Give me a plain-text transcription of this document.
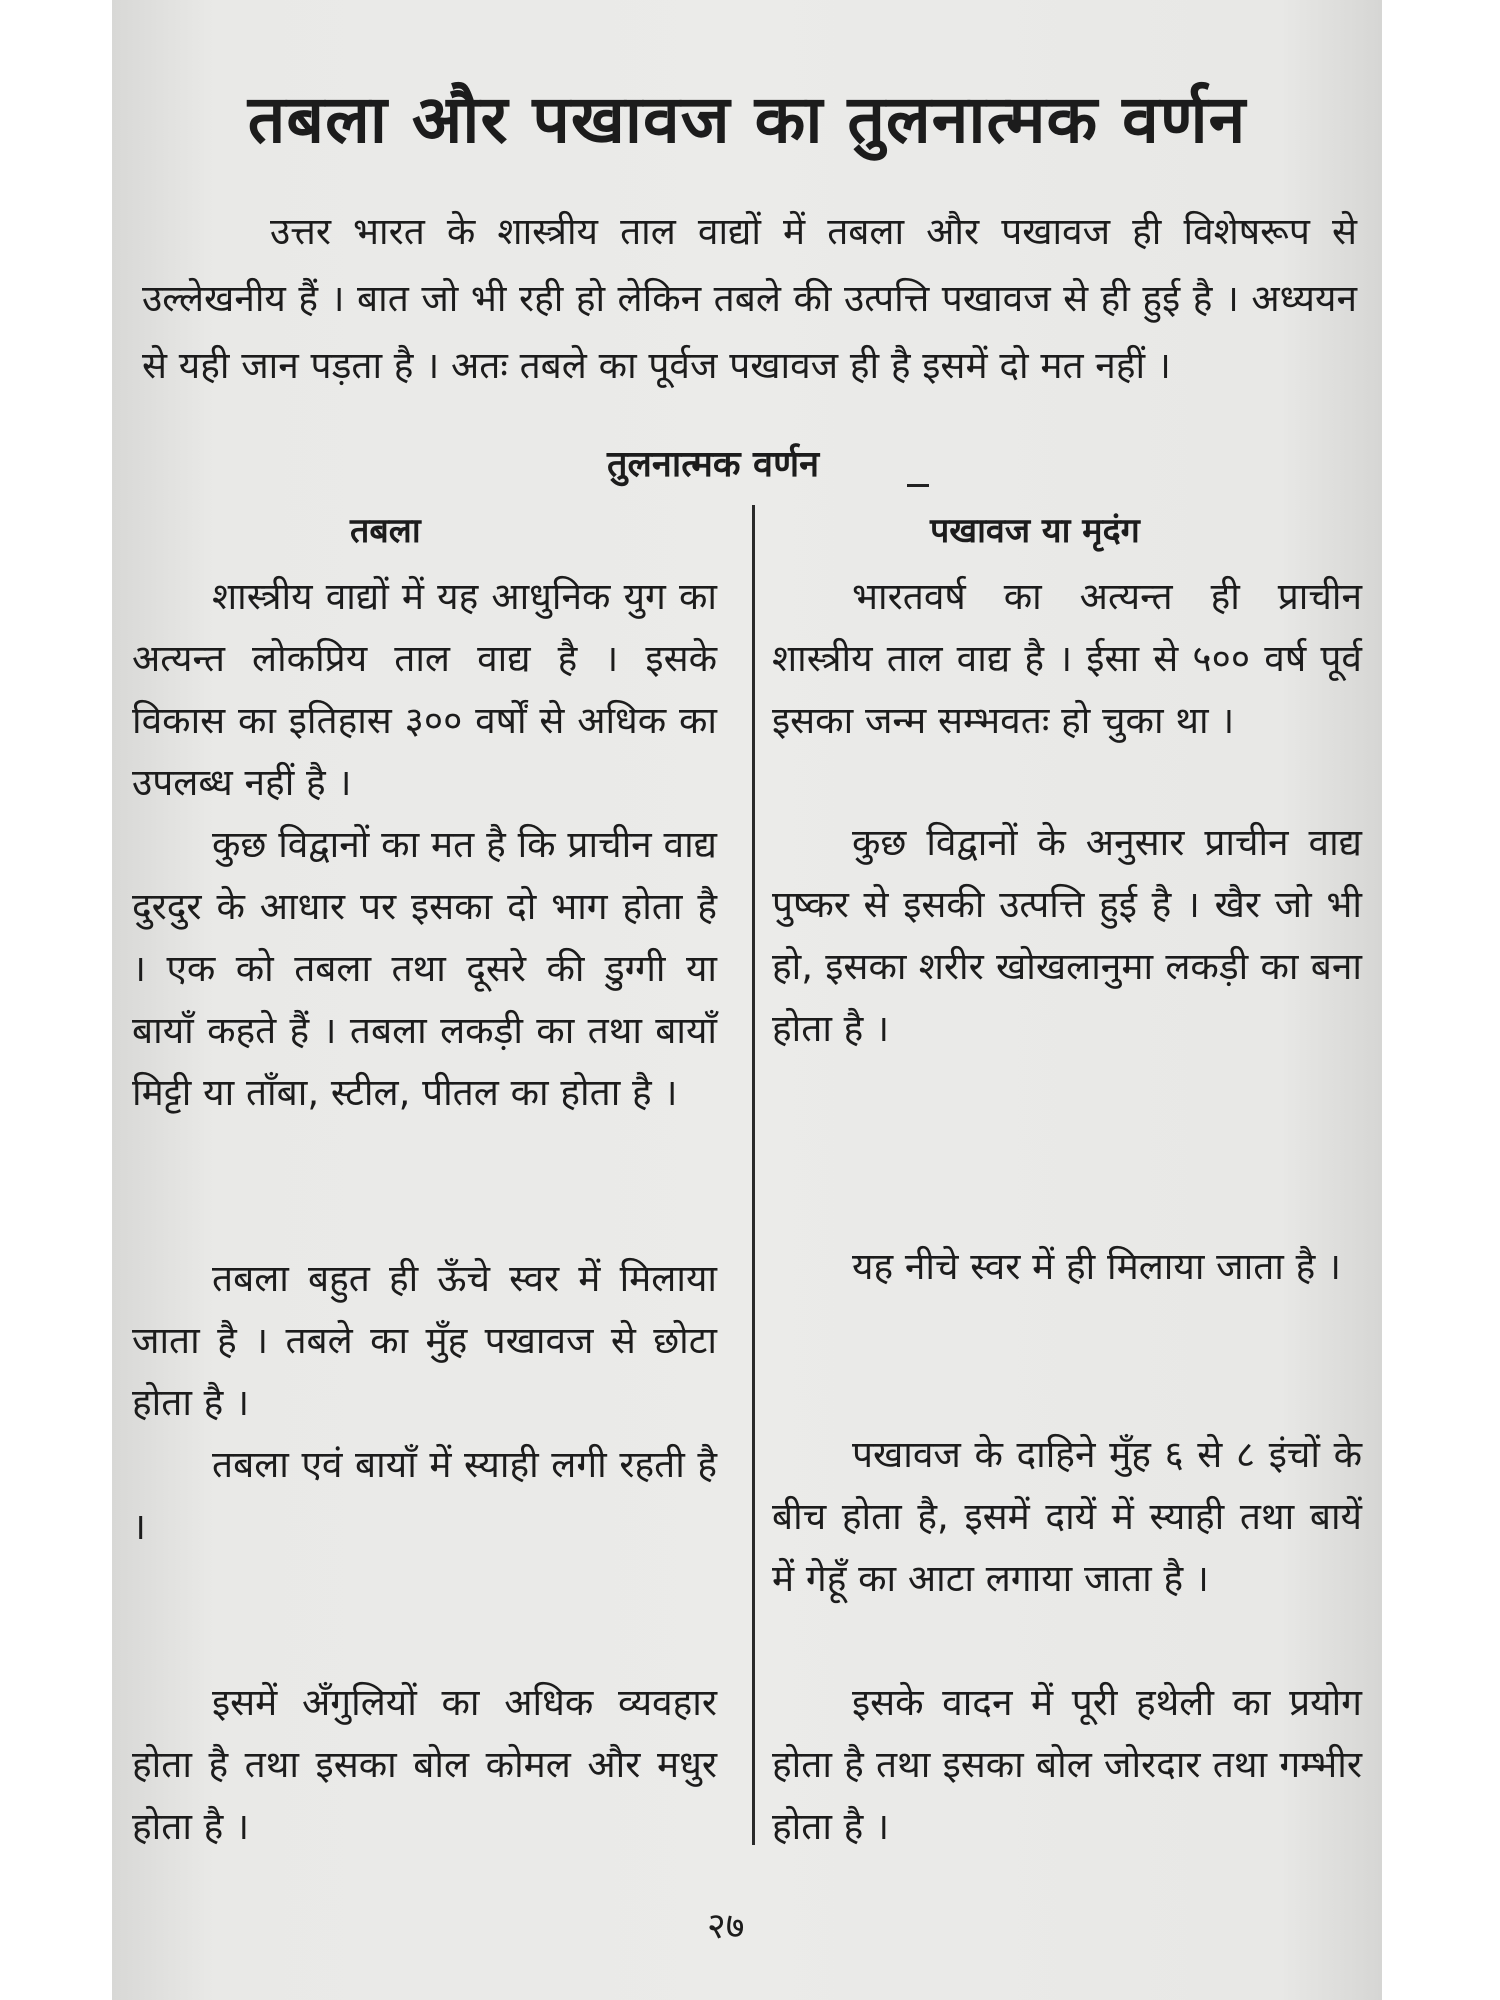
तबला और पखावज का तुलनात्मक वर्णन

उत्तर भारत के शास्त्रीय ताल वाद्यों में तबला और पखावज ही विशेषरूप से उल्लेखनीय हैं । बात जो भी रही हो लेकिन तबले की उत्पत्ति पखावज से ही हुई है । अध्ययन से यही जान पड़ता है । अतः तबले का पूर्वज पखावज ही है इसमें दो मत नहीं ।

तुलनात्मक वर्णन
तबला

शास्त्रीय वाद्यों में यह आधुनिक युग का अत्यन्त लोकप्रिय ताल वाद्य है । इसके विकास का इतिहास ३०० वर्षों से अधिक का उपलब्ध नहीं है ।

कुछ विद्वानों का मत है कि प्राचीन वाद्य दुरदुर के आधार पर इसका दो भाग होता है । एक को तबला तथा दूसरे की डुग्गी या बायाँ कहते हैं । तबला लकड़ी का तथा बायाँ मिट्टी या ताँबा, स्टील, पीतल का होता है ।

तबला बहुत ही ऊँचे स्वर में मिलाया जाता है । तबले का मुँह पखावज से छोटा होता है ।

तबला एवं बायाँ में स्याही लगी रहती है ।

इसमें अँगुलियों का अधिक व्यवहार होता है तथा इसका बोल कोमल और मधुर होता है ।

पखावज या मृदंग

भारतवर्ष का अत्यन्त ही प्राचीन शास्त्रीय ताल वाद्य है । ईसा से ५०० वर्ष पूर्व इसका जन्म सम्भवतः हो चुका था ।

कुछ विद्वानों के अनुसार प्राचीन वाद्य पुष्कर से इसकी उत्पत्ति हुई है । खैर जो भी हो, इसका शरीर खोखलानुमा लकड़ी का बना होता है ।

यह नीचे स्वर में ही मिलाया जाता है ।

पखावज के दाहिने मुँह ६ से ८ इंचों के बीच होता है, इसमें दायें में स्याही तथा बायें में गेहूँ का आटा लगाया जाता है ।

इसके वादन में पूरी हथेली का प्रयोग होता है तथा इसका बोल जोरदार तथा गम्भीर होता है ।

२७
